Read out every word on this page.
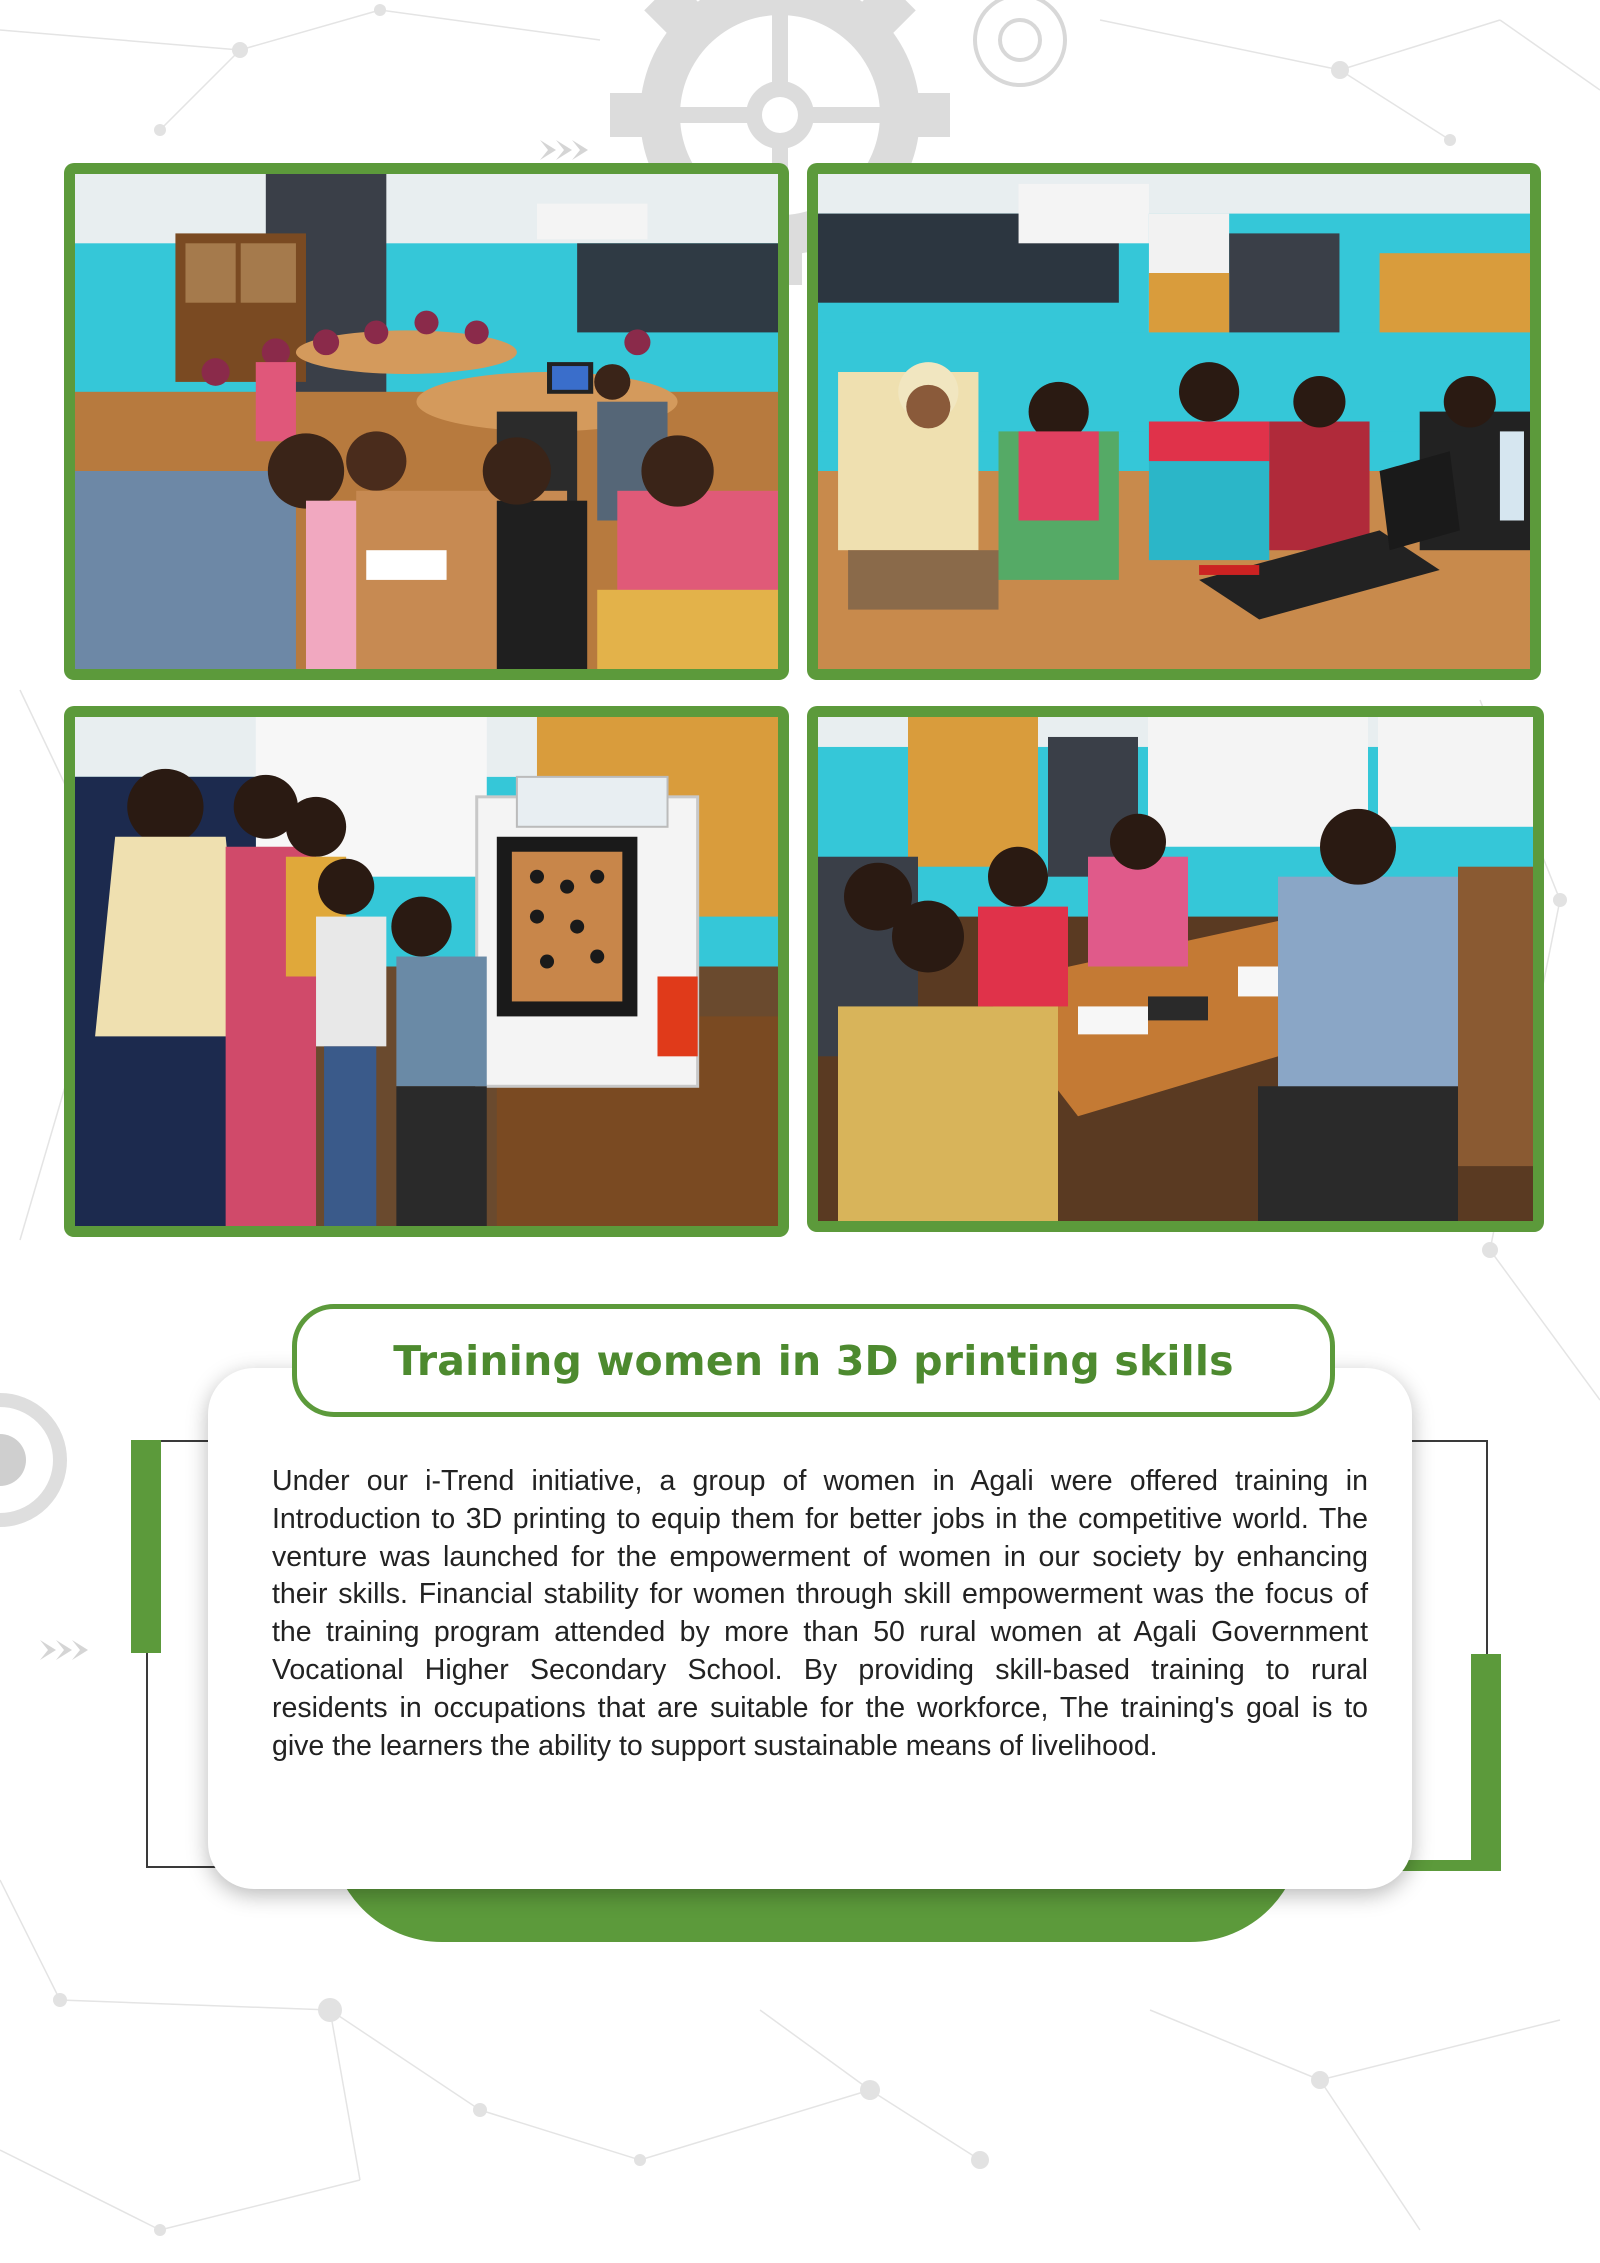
Training women in 3D printing skills

Under our i-Trend initiative, a group of women in Agali were offered training in Introduction to 3D printing to equip them for better jobs in the competitive world. The venture was launched for the empowerment of women in our society by enhancing their skills. Financial stability for women through skill empowerment was the focus of the training program attended by more than 50 rural women at Agali Government Vocational Higher Secondary School. By providing skill-based training to rural residents in occupations that are suitable for the workforce, The training's goal is to give the learners the ability to support sustainable means of livelihood.
